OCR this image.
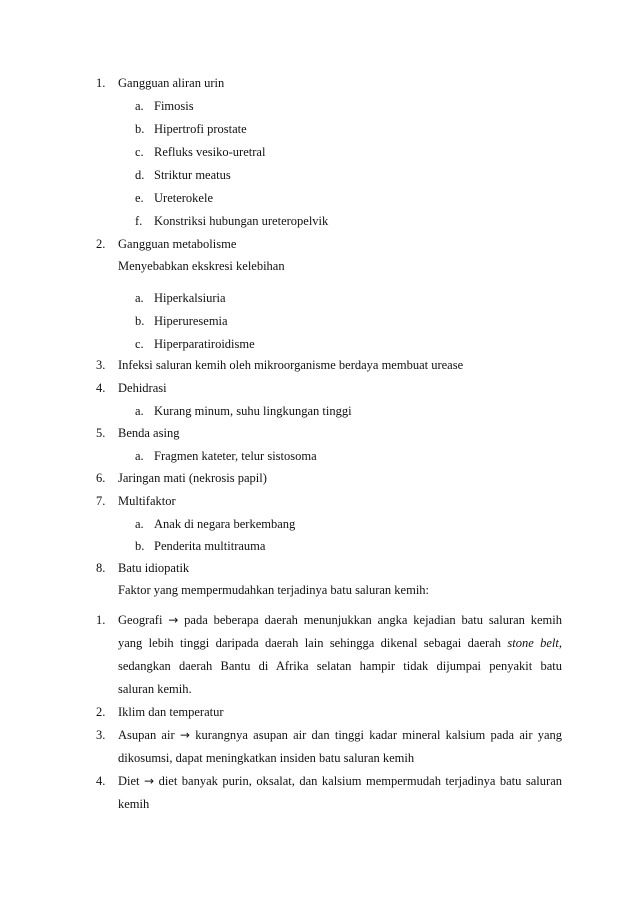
1. Gangguan aliran urin
a. Fimosis
b. Hipertrofi prostate
c. Refluks vesiko-uretral
d. Striktur meatus
e. Ureterokele
f. Konstriksi hubungan ureteropelvik
2. Gangguan metabolisme
Menyebabkan ekskresi kelebihan
a. Hiperkalsiuria
b. Hiperuresemia
c. Hiperparatiroidisme
3. Infeksi saluran kemih oleh mikroorganisme berdaya membuat urease
4. Dehidrasi
a. Kurang minum, suhu lingkungan tinggi
5. Benda asing
a. Fragmen kateter, telur sistosoma
6. Jaringan mati (nekrosis papil)
7. Multifaktor
a. Anak di negara berkembang
b. Penderita multitrauma
8. Batu idiopatik
Faktor yang mempermudahkan terjadinya batu saluran kemih:
1. Geografi → pada beberapa daerah menunjukkan angka kejadian batu saluran kemih
yang lebih tinggi daripada daerah lain sehingga dikenal sebagai daerah stone belt,
sedangkan daerah Bantu di Afrika selatan hampir tidak dijumpai penyakit batu
saluran kemih.
2. Iklim dan temperatur
3. Asupan air → kurangnya asupan air dan tinggi kadar mineral kalsium pada air yang
dikosumsi, dapat meningkatkan insiden batu saluran kemih
4. Diet → diet banyak purin, oksalat, dan kalsium mempermudah terjadinya batu saluran
kemih
